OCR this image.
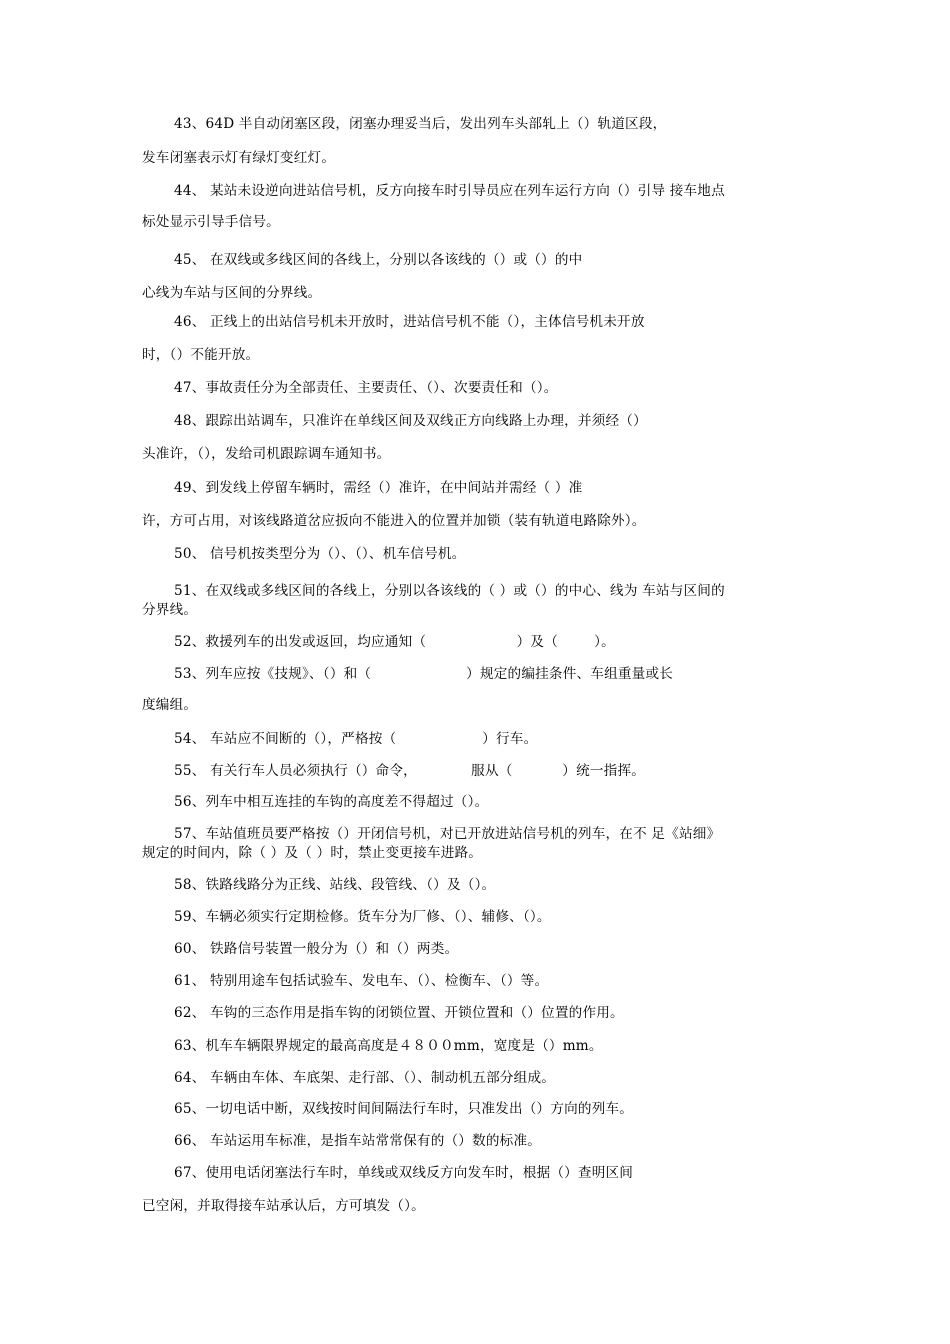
43、64D 半自动闭塞区段，闭塞办理妥当后，发出列车头部轧上（）轨道区段，
发车闭塞表示灯有绿灯变红灯。
44、 某站未设逆向进站信号机，反方向接车时引导员应在列车运行方向（）引导 接车地点
标处显示引导手信号。
45、 在双线或多线区间的各线上，分别以各该线的（）或（）的中
心线为车站与区间的分界线。
46、 正线上的出站信号机未开放时，进站信号机不能（），主体信号机未开放
时，（）不能开放。
47、事故责任分为全部责任、主要责任、（）、次要责任和（）。
48、跟踪出站调车，只准许在单线区间及双线正方向线路上办理，并须经（）
头准许，（），发给司机跟踪调车通知书。
49、到发线上停留车辆时，需经（）准许，在中间站并需经（ ）准
许，方可占用，对该线路道岔应扳向不能进入的位置并加锁（装有轨道电路除外）。
50、 信号机按类型分为（）、（）、机车信号机。
51、在双线或多线区间的各线上，分别以各该线的（ ）或（）的中心、线为 车站与区间的
分界线。
52、救援列车的出发或返回，均应通知（                    ）及（        ）。
53、列车应按《技规》、（）和（                     ）规定的编挂条件、车组重量或长
度编组。
54、 车站应不间断的（），严格按（                   ）行车。
55、 有关行车人员必须执行（）命令，            服从（           ）统一指挥。
56、列车中相互连挂的车钩的高度差不得超过（）。
57、车站值班员要严格按（）开闭信号机，对已开放进站信号机的列车，在不 足《站细》
规定的时间内，除（ ）及（ ）时，禁止变更接车进路。
58、铁路线路分为正线、站线、段管线、（）及（）。
59、车辆必须实行定期检修。货车分为厂修、（）、辅修、（）。
60、 铁路信号装置一般分为（）和（）两类。
61、 特别用途车包括试验车、发电车、（）、检衡车、（）等。
62、 车钩的三态作用是指车钩的闭锁位置、开锁位置和（）位置的作用。
63、机车车辆限界规定的最高高度是４８００mm，宽度是（）mm。
64、 车辆由车体、车底架、走行部、（）、制动机五部分组成。
65、一切电话中断，双线按时间间隔法行车时，只准发出（）方向的列车。
66、 车站运用车标准，是指车站常常保有的（）数的标准。
67、使用电话闭塞法行车时，单线或双线反方向发车时，根据（）查明区间
已空闲，并取得接车站承认后，方可填发（）。
